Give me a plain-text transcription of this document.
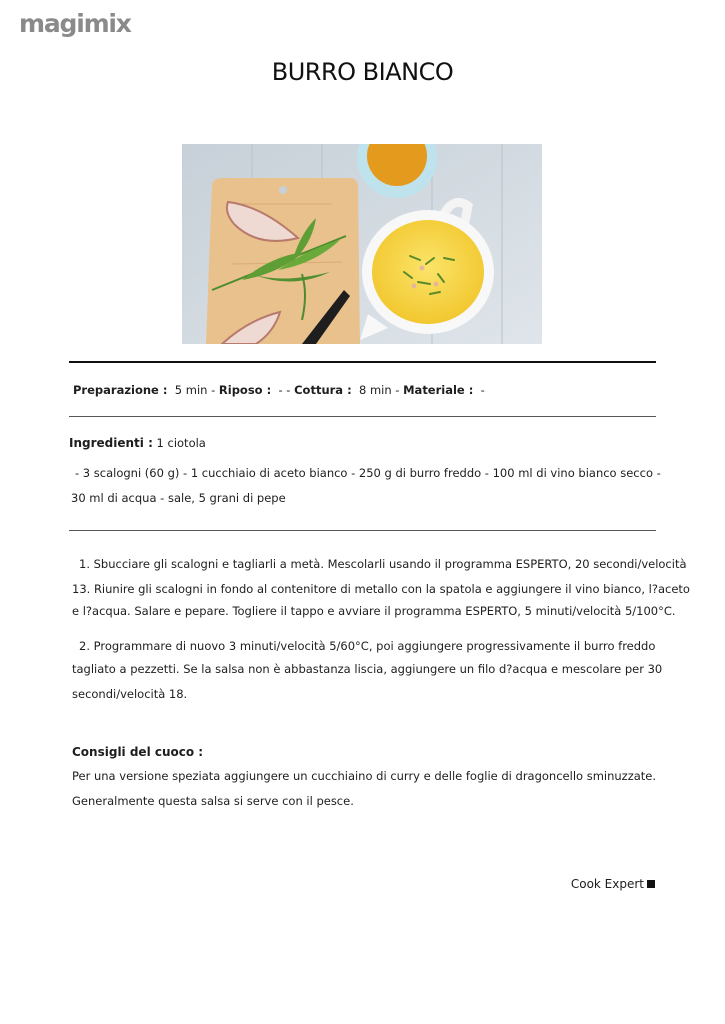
magimix
BURRO BIANCO
Preparazione : 5 min - Riposo : - - Cottura : 8 min - Materiale : -
Ingredienti : 1 ciotola
- 3 scalogni (60 g) - 1 cucchiaio di aceto bianco - 250 g di burro freddo - 100 ml di vino bianco secco -
30 ml di acqua - sale, 5 grani di pepe
1. Sbucciare gli scalogni e tagliarli a metà. Mescolarli usando il programma ESPERTO, 20 secondi/velocità
13. Riunire gli scalogni in fondo al contenitore di metallo con la spatola e aggiungere il vino bianco, l?aceto
e l?acqua. Salare e pepare. Togliere il tappo e avviare il programma ESPERTO, 5 minuti/velocità 5/100°C.
2. Programmare di nuovo 3 minuti/velocità 5/60°C, poi aggiungere progressivamente il burro freddo
tagliato a pezzetti. Se la salsa non è abbastanza liscia, aggiungere un filo d?acqua e mescolare per 30
secondi/velocità 18.
Consigli del cuoco :
Per una versione speziata aggiungere un cucchiaino di curry e delle foglie di dragoncello sminuzzate.
Generalmente questa salsa si serve con il pesce.
Cook Expert
